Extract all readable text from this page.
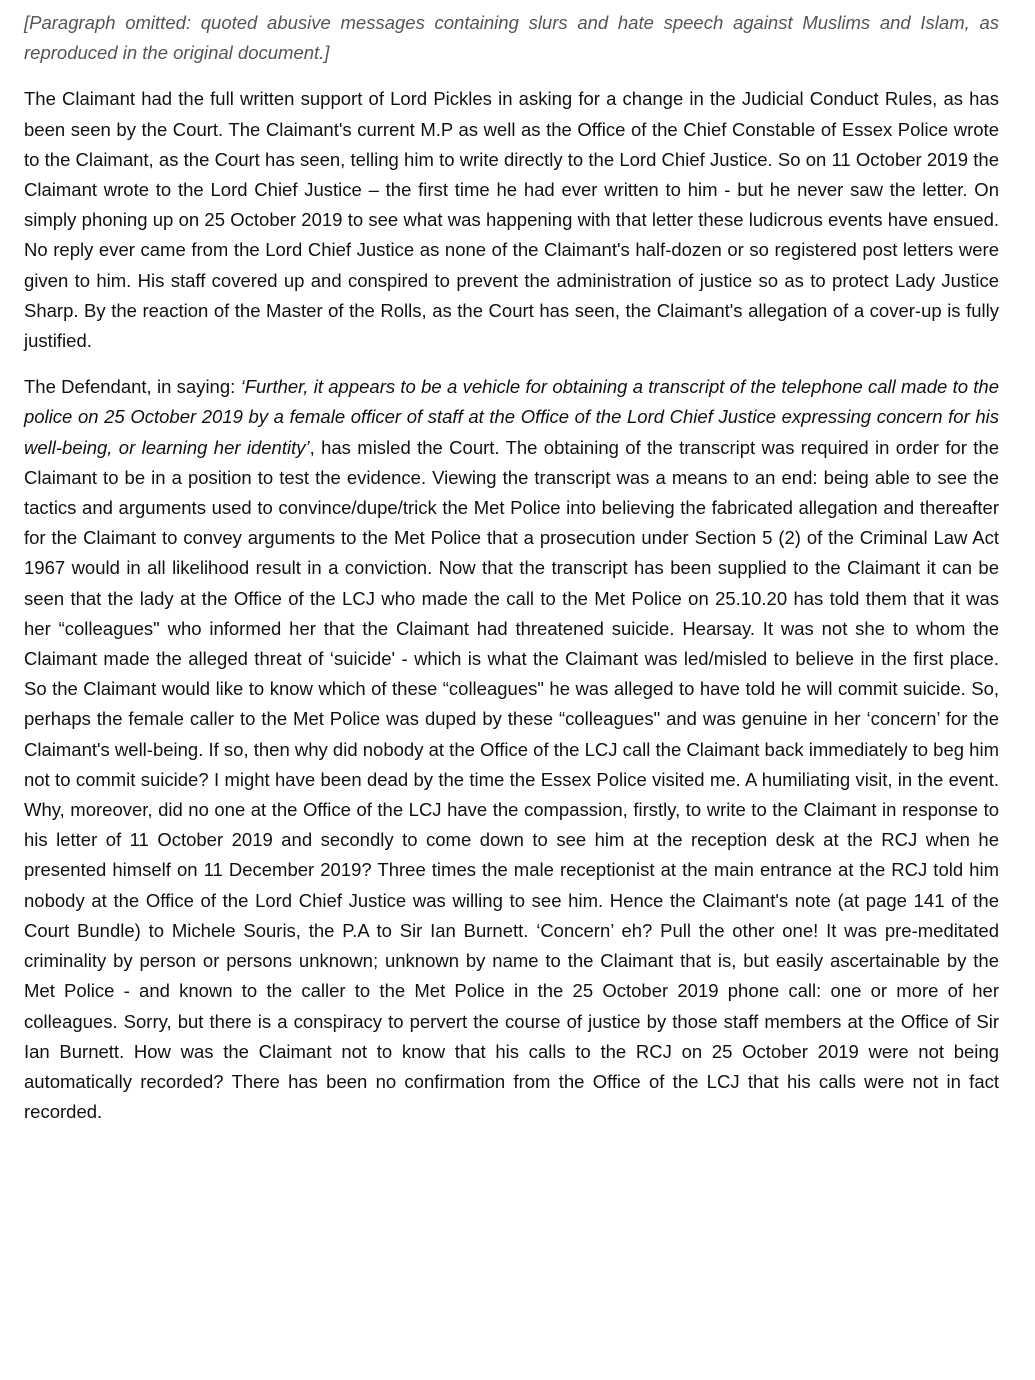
[Paragraph omitted: quoted abusive messages containing slurs and hate speech against Muslims and Islam, as reproduced in the original document.]

The Claimant had the full written support of Lord Pickles in asking for a change in the Judicial Conduct Rules, as has been seen by the Court. The Claimant's current M.P as well as the Office of the Chief Constable of Essex Police wrote to the Claimant, as the Court has seen, telling him to write directly to the Lord Chief Justice. So on 11 October 2019 the Claimant wrote to the Lord Chief Justice – the first time he had ever written to him - but he never saw the letter. On simply phoning up on 25 October 2019 to see what was happening with that letter these ludicrous events have ensued. No reply ever came from the Lord Chief Justice as none of the Claimant's half-dozen or so registered post letters were given to him. His staff covered up and conspired to prevent the administration of justice so as to protect Lady Justice Sharp. By the reaction of the Master of the Rolls, as the Court has seen, the Claimant's allegation of a cover-up is fully justified.

The Defendant, in saying: ‘Further, it appears to be a vehicle for obtaining a transcript of the telephone call made to the police on 25 October 2019 by a female officer of staff at the Office of the Lord Chief Justice expressing concern for his well-being, or learning her identity’, has misled the Court. The obtaining of the transcript was required in order for the Claimant to be in a position to test the evidence. Viewing the transcript was a means to an end: being able to see the tactics and arguments used to convince/dupe/trick the Met Police into believing the fabricated allegation and thereafter for the Claimant to convey arguments to the Met Police that a prosecution under Section 5 (2) of the Criminal Law Act 1967 would in all likelihood result in a conviction. Now that the transcript has been supplied to the Claimant it can be seen that the lady at the Office of the LCJ who made the call to the Met Police on 25.10.20 has told them that it was her “colleagues" who informed her that the Claimant had threatened suicide. Hearsay. It was not she to whom the Claimant made the alleged threat of ‘suicide' - which is what the Claimant was led/misled to believe in the first place. So the Claimant would like to know which of these “colleagues" he was alleged to have told he will commit suicide. So, perhaps the female caller to the Met Police was duped by these “colleagues" and was genuine in her ‘concern’ for the Claimant's well-being. If so, then why did nobody at the Office of the LCJ call the Claimant back immediately to beg him not to commit suicide? I might have been dead by the time the Essex Police visited me. A humiliating visit, in the event. Why, moreover, did no one at the Office of the LCJ have the compassion, firstly, to write to the Claimant in response to his letter of 11 October 2019 and secondly to come down to see him at the reception desk at the RCJ when he presented himself on 11 December 2019? Three times the male receptionist at the main entrance at the RCJ told him nobody at the Office of the Lord Chief Justice was willing to see him. Hence the Claimant's note (at page 141 of the Court Bundle) to Michele Souris, the P.A to Sir Ian Burnett. ‘Concern’ eh? Pull the other one! It was pre-meditated criminality by person or persons unknown; unknown by name to the Claimant that is, but easily ascertainable by the Met Police - and known to the caller to the Met Police in the 25 October 2019 phone call: one or more of her colleagues. Sorry, but there is a conspiracy to pervert the course of justice by those staff members at the Office of Sir Ian Burnett. How was the Claimant not to know that his calls to the RCJ on 25 October 2019 were not being automatically recorded? There has been no confirmation from the Office of the LCJ that his calls were not in fact recorded.
